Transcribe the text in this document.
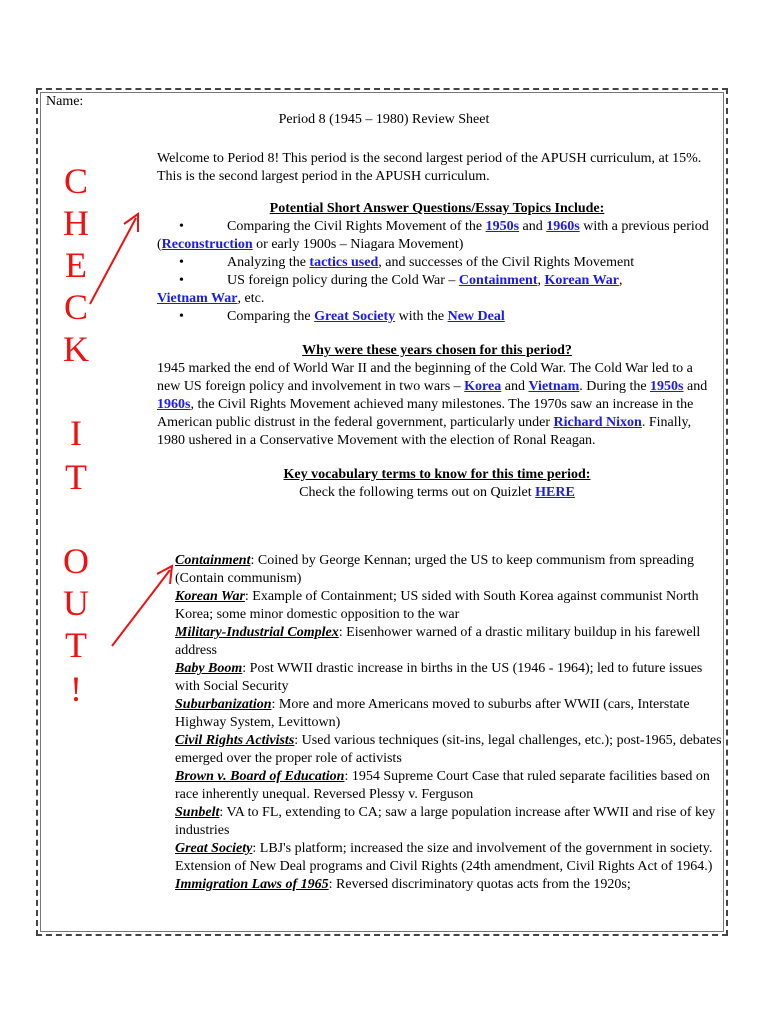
Name:
Period 8 (1945 – 1980) Review Sheet
C
H
E
C
K
I
T
O
U
T
!

Welcome to Period 8! This period is the second largest period of the APUSH curriculum, at 15%. This is the second largest period in the APUSH curriculum.

Potential Short Answer Questions/Essay Topics Include:

•	Comparing the Civil Rights Movement of the 1950s and 1960s with a previous period (Reconstruction or early 1900s – Niagara Movement)

•	Analyzing the tactics used, and successes of the Civil Rights Movement

•	US foreign policy during the Cold War – Containment, Korean War,
Vietnam War, etc.

•	Comparing the Great Society with the New Deal

Why were these years chosen for this period?

1945 marked the end of World War II and the beginning of the Cold War. The Cold War led to a new US foreign policy and involvement in two wars – Korea and Vietnam. During the 1950s and 1960s, the Civil Rights Movement achieved many milestones. The 1970s saw an increase in the American public distrust in the federal government, particularly under Richard Nixon. Finally, 1980 ushered in a Conservative Movement with the election of Ronal Reagan.

Key vocabulary terms to know for this time period:

Check the following terms out on Quizlet HERE

Containment: Coined by George Kennan; urged the US to keep communism from spreading (Contain communism)

Korean War: Example of Containment; US sided with South Korea against communist North Korea; some minor domestic opposition to the war

Military-Industrial Complex: Eisenhower warned of a drastic military buildup in his farewell address

Baby Boom: Post WWII drastic increase in births in the US (1946 - 1964); led to future issues with Social Security

Suburbanization: More and more Americans moved to suburbs after WWII (cars, Interstate Highway System, Levittown)

Civil Rights Activists: Used various techniques (sit-ins, legal challenges, etc.); post-1965, debates emerged over the proper role of activists

Brown v. Board of Education: 1954 Supreme Court Case that ruled separate facilities based on race inherently unequal. Reversed Plessy v. Ferguson

Sunbelt: VA to FL, extending to CA; saw a large population increase after WWII and rise of key industries

Great Society: LBJ's platform; increased the size and involvement of the government in society. Extension of New Deal programs and Civil Rights (24th amendment, Civil Rights Act of 1964.)

Immigration Laws of 1965: Reversed discriminatory quotas acts from the 1920s;
